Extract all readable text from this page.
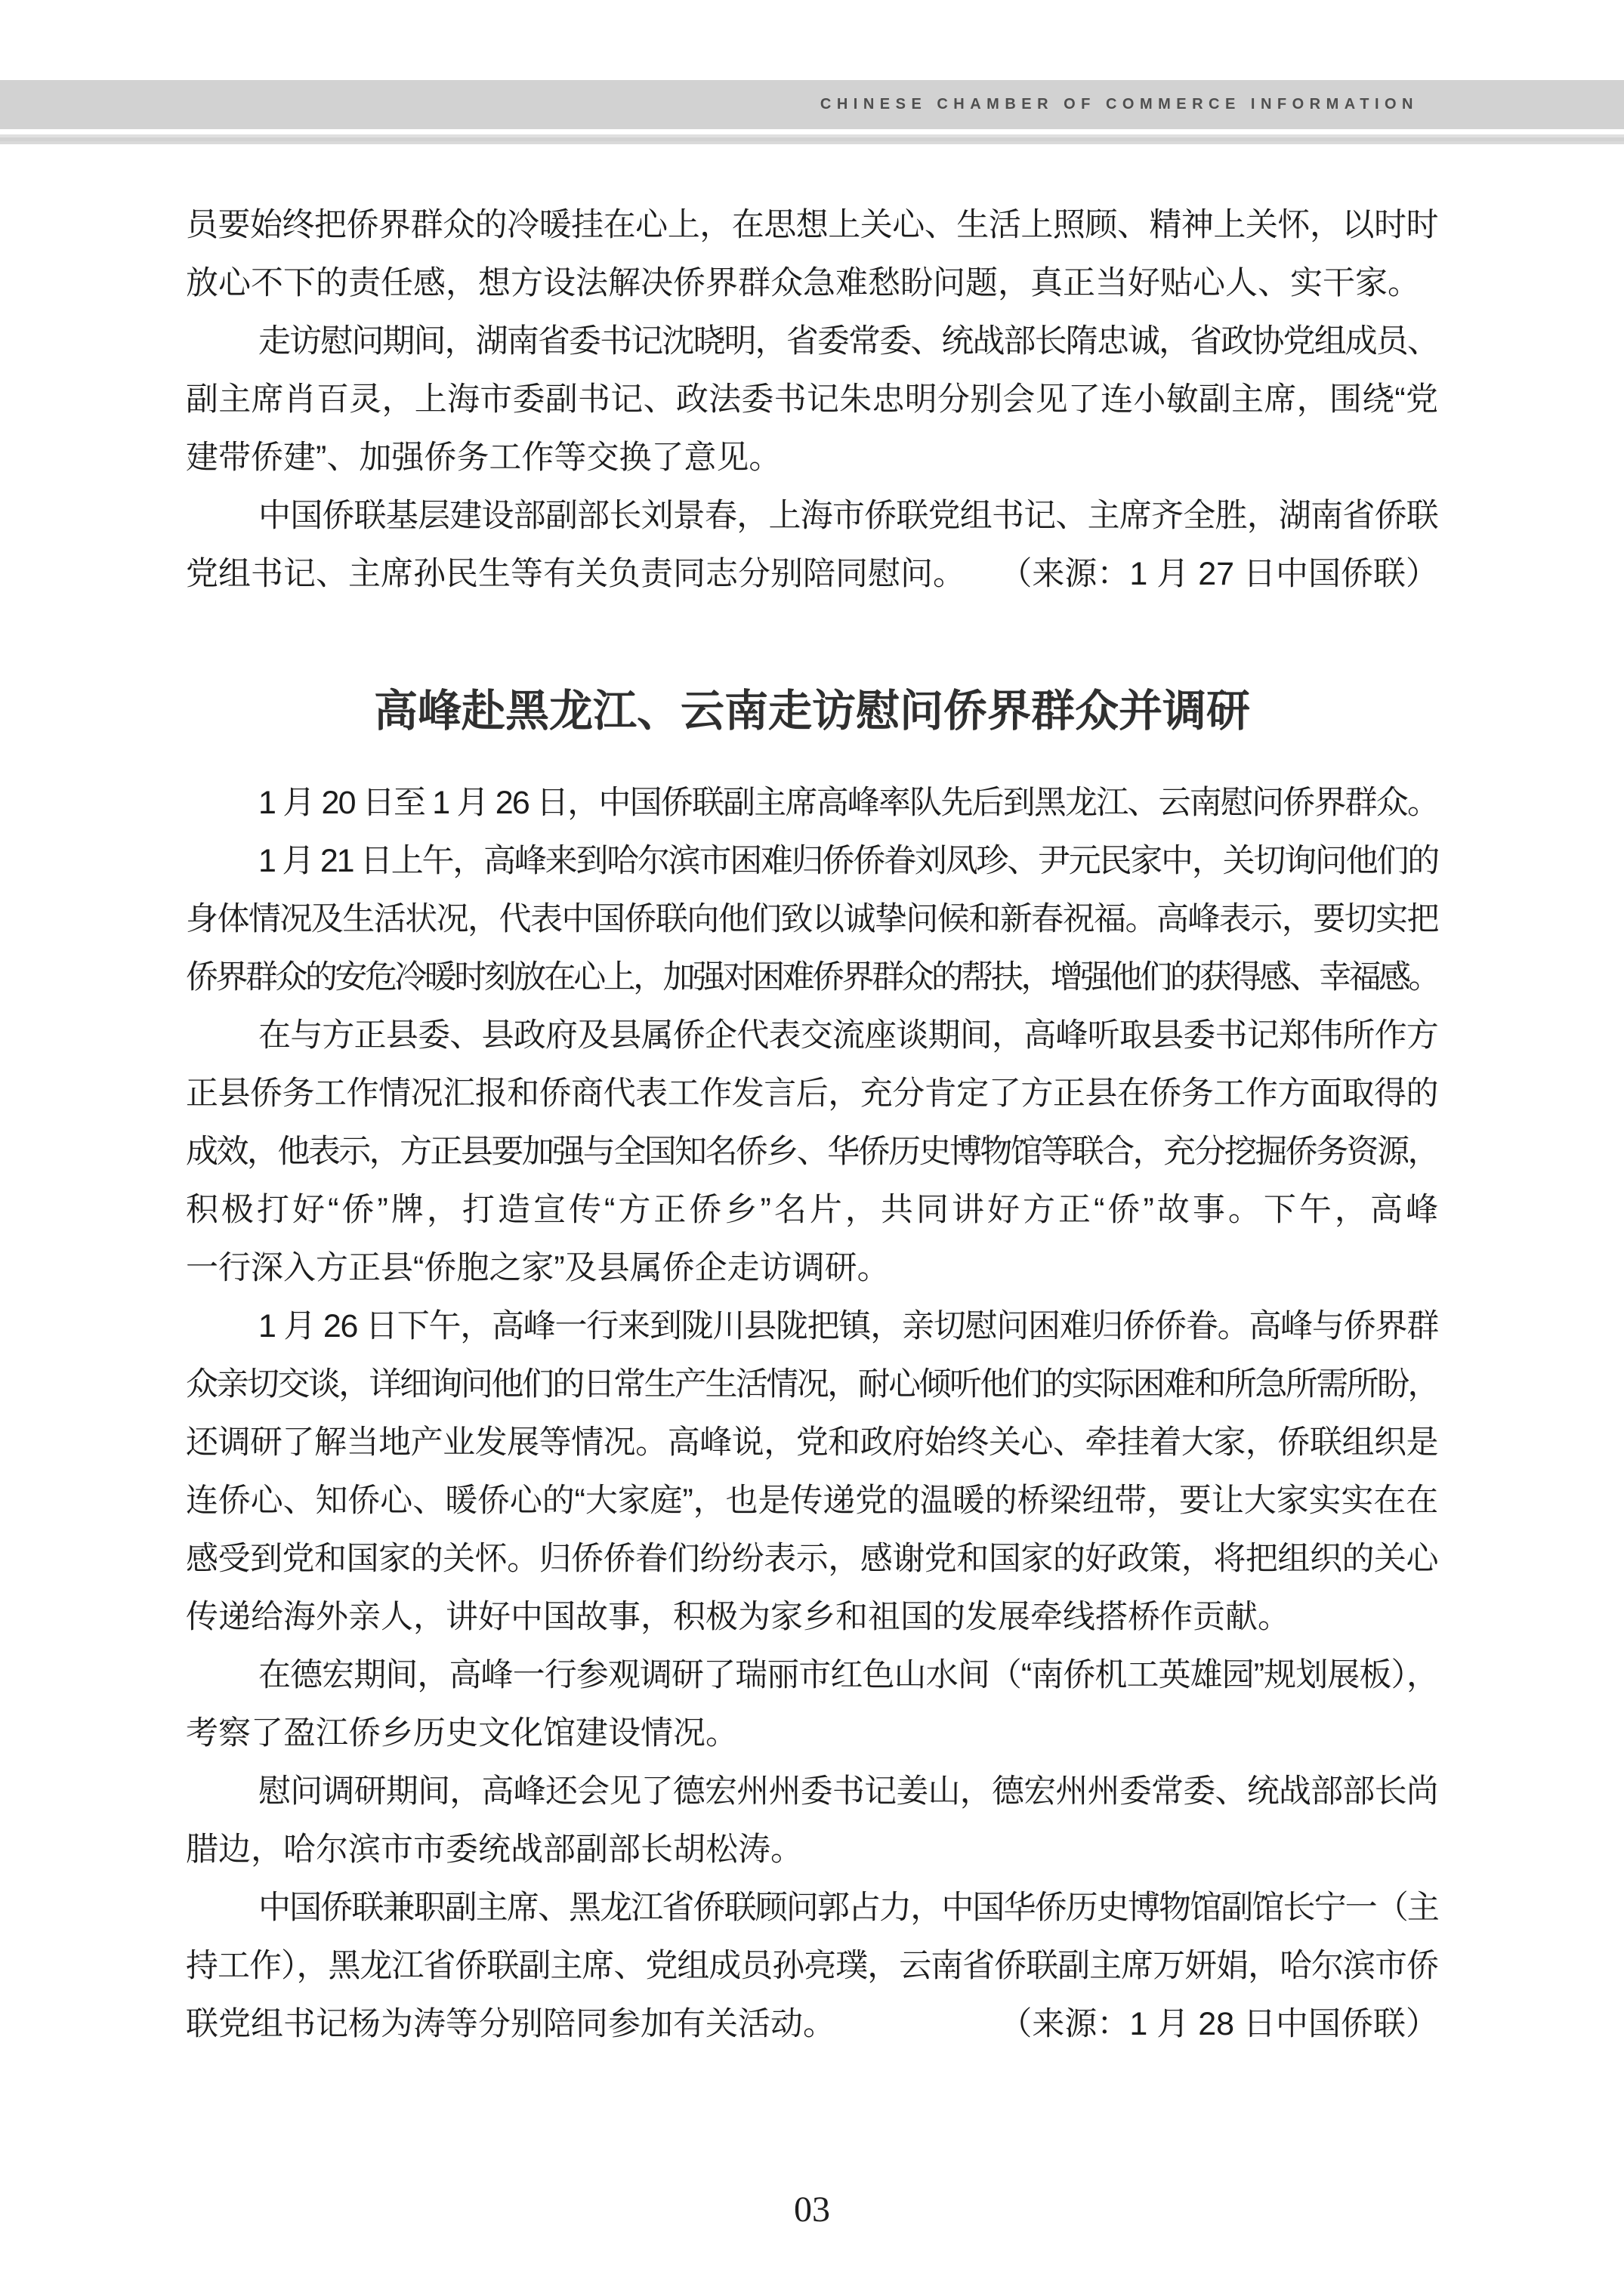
CHINESE CHAMBER OF COMMERCE INFORMATION
员要始终把侨界群众的冷暖挂在心上，在思想上关心、生活上照顾、精神上关怀，以时时
放心不下的责任感，想方设法解决侨界群众急难愁盼问题，真正当好贴心人、实干家。
走访慰问期间，湖南省委书记沈晓明，省委常委、统战部长隋忠诚，省政协党组成员、
副主席肖百灵，上海市委副书记、政法委书记朱忠明分别会见了连小敏副主席，围绕“党
建带侨建”、加强侨务工作等交换了意见。
中国侨联基层建设部副部长刘景春，上海市侨联党组书记、主席齐全胜，湖南省侨联
党组书记、主席孙民生等有关负责同志分别陪同慰问。 （来源：1 月 27 日中国侨联）
高峰赴黑龙江、云南走访慰问侨界群众并调研
1 月 20 日至 1 月 26 日，中国侨联副主席高峰率队先后到黑龙江、云南慰问侨界群众。
1 月 21 日上午，高峰来到哈尔滨市困难归侨侨眷刘凤珍、尹元民家中，关切询问他们的
身体情况及生活状况，代表中国侨联向他们致以诚挚问候和新春祝福。高峰表示，要切实把
侨界群众的安危冷暖时刻放在心上，加强对困难侨界群众的帮扶，增强他们的获得感、幸福感。
在与方正县委、县政府及县属侨企代表交流座谈期间，高峰听取县委书记郑伟所作方
正县侨务工作情况汇报和侨商代表工作发言后，充分肯定了方正县在侨务工作方面取得的
成效，他表示，方正县要加强与全国知名侨乡、华侨历史博物馆等联合，充分挖掘侨务资源，
积极打好“侨”牌，打造宣传“方正侨乡”名片，共同讲好方正“侨”故事。下午，高峰
一行深入方正县“侨胞之家”及县属侨企走访调研。
1 月 26 日下午，高峰一行来到陇川县陇把镇，亲切慰问困难归侨侨眷。高峰与侨界群
众亲切交谈，详细询问他们的日常生产生活情况，耐心倾听他们的实际困难和所急所需所盼，
还调研了解当地产业发展等情况。高峰说，党和政府始终关心、牵挂着大家，侨联组织是
连侨心、知侨心、暖侨心的“大家庭”，也是传递党的温暖的桥梁纽带，要让大家实实在在
感受到党和国家的关怀。归侨侨眷们纷纷表示，感谢党和国家的好政策，将把组织的关心
传递给海外亲人，讲好中国故事，积极为家乡和祖国的发展牵线搭桥作贡献。
在德宏期间，高峰一行参观调研了瑞丽市红色山水间（“南侨机工英雄园”规划展板），
考察了盈江侨乡历史文化馆建设情况。
慰问调研期间，高峰还会见了德宏州州委书记姜山，德宏州州委常委、统战部部长尚
腊边，哈尔滨市市委统战部副部长胡松涛。
中国侨联兼职副主席、黑龙江省侨联顾问郭占力，中国华侨历史博物馆副馆长宁一（主
持工作），黑龙江省侨联副主席、党组成员孙亮璞，云南省侨联副主席万妍娟，哈尔滨市侨
联党组书记杨为涛等分别陪同参加有关活动。	（来源：1 月 28 日中国侨联）
03
